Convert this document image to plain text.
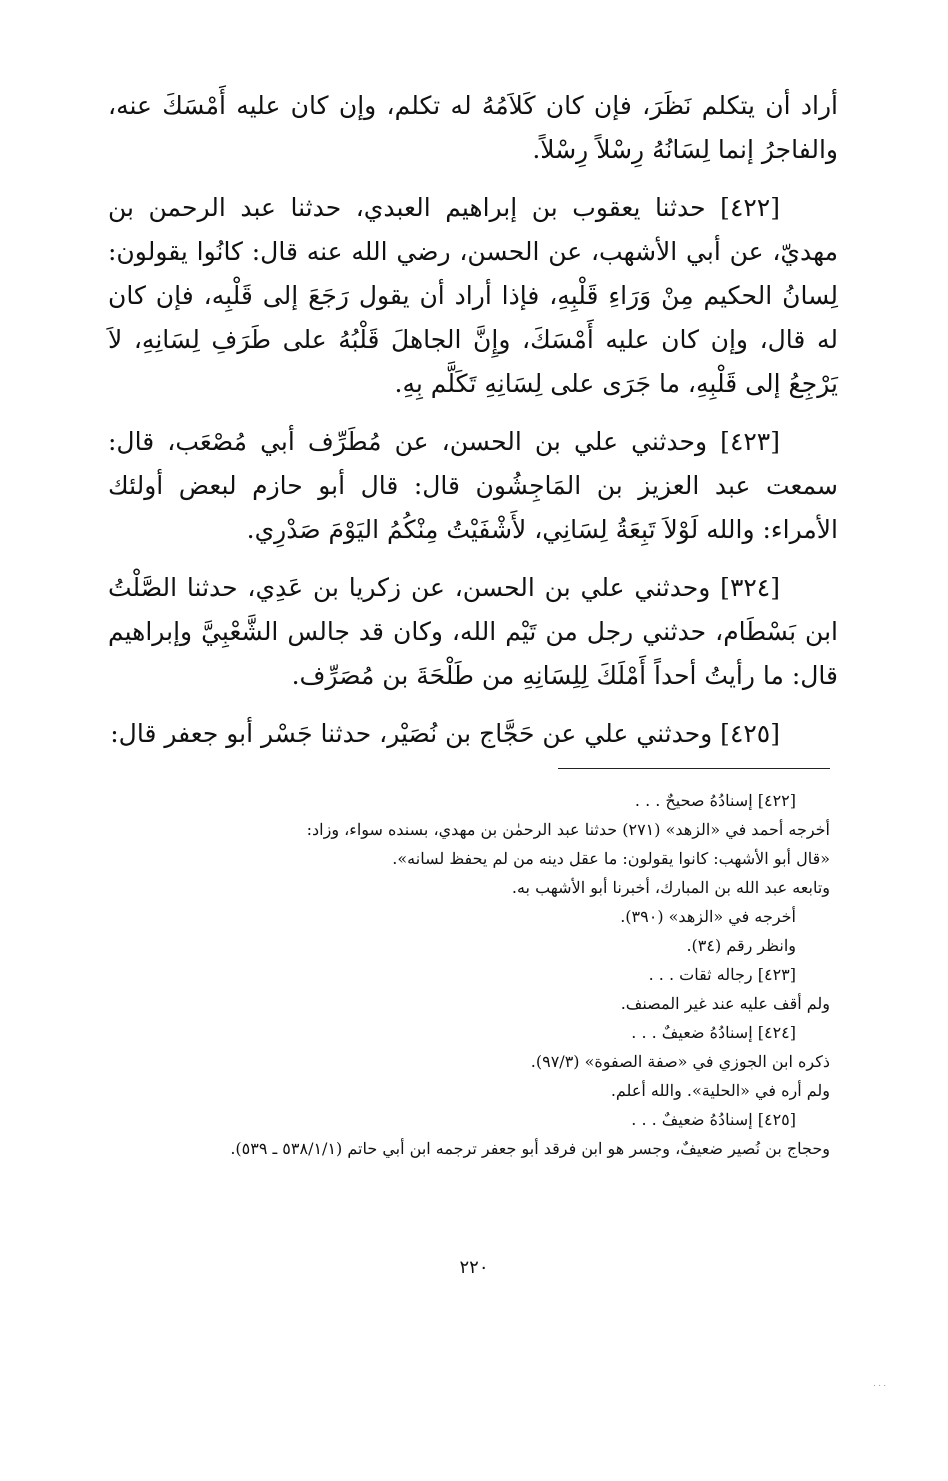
أراد أن يتكلم نَظَرَ، فإن كان كَلاَمُهُ له تكلم، وإن كان عليه أَمْسَكَ عنه، والفاجرُ إنما لِسَانُهُ رِسْلاً رِسْلاً.

[٤٢٢] حدثنا يعقوب بن إبراهيم العبدي، حدثنا عبد الرحمن بن مهديّ، عن أبي الأشهب، عن الحسن، رضي الله عنه قال: كانُوا يقولون: لِسانُ الحكيم مِنْ وَرَاءِ قَلْبِهِ، فإذا أراد أن يقول رَجَعَ إلى قَلْبِه، فإن كان له قال، وإن كان عليه أَمْسَكَ، وإِنَّ الجاهلَ قَلْبُهُ على طَرَفِ لِسَانِهِ، لاَ يَرْجِعُ إلى قَلْبِهِ، ما جَرَى على لِسَانِهِ تَكَلَّم بِهِ.

[٤٢٣] وحدثني علي بن الحسن، عن مُطَرِّف أبي مُصْعَب، قال: سمعت عبد العزيز بن المَاجِشُون قال: قال أبو حازم لبعض أولئك الأمراء: والله لَوْلاَ تَبِعَةُ لِسَانِي، لأَشْفَيْتُ مِنْكُمُ اليَوْمَ صَدْرِي.

[٣٢٤] وحدثني علي بن الحسن، عن زكريا بن عَدِي، حدثنا الصَّلْتُ ابن بَسْطَام، حدثني رجل من تَيْم الله، وكان قد جالس الشَّعْبِيَّ وإبراهيم قال: ما رأيتُ أحداً أَمْلَكَ لِلِسَانِهِ من طَلْحَةَ بن مُصَرِّف.

[٤٢٥] وحدثني علي عن حَجَّاج بن نُصَيْر، حدثنا جَسْر أبو جعفر قال:

[٤٢٢] إسنادُهُ صحيحٌ . . .
أخرجه أحمد في «الزهد» (٢٧١) حدثنا عبد الرحمٰن بن مهدي، بسنده سواء، وزاد:
«قال أبو الأشهب: كانوا يقولون: ما عقل دينه من لم يحفظ لسانه».
وتابعه عبد الله بن المبارك، أخبرنا أبو الأشهب به.
أخرجه في «الزهد» (٣٩٠).
وانظر رقم (٣٤).
[٤٢٣] رجاله ثقات . . .
ولم أقف عليه عند غير المصنف.
[٤٢٤] إسنادُهُ ضعيفٌ . . .
ذكره ابن الجوزي في «صفة الصفوة» (٩٧/٣).
ولم أره في «الحلية». والله أعلم.
[٤٢٥] إسنادُهُ ضعيفٌ . . .
وحجاج بن نُصير ضعيفٌ، وجسر هو ابن فرقد أبو جعفر ترجمه ابن أبي حاتم (٥٣٨/١/١ ـ ٥٣٩).
٢٢٠
. . .
